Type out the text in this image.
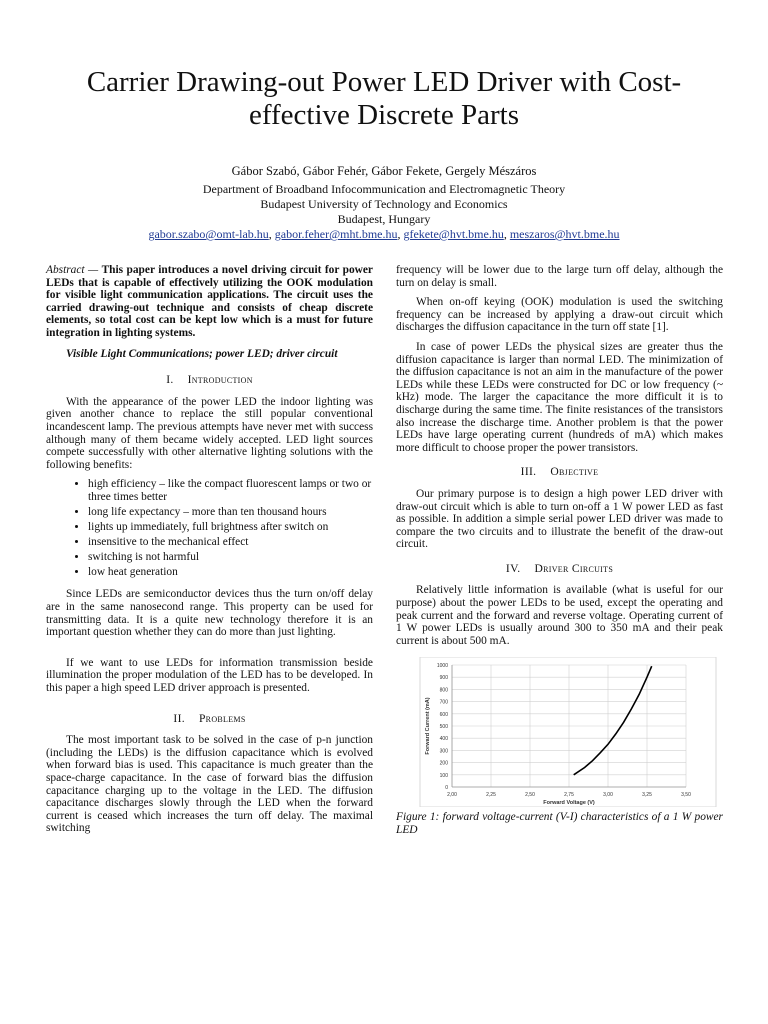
Carrier Drawing-out Power LED Driver with Cost-effective Discrete Parts
Gábor Szabó, Gábor Fehér, Gábor Fekete, Gergely Mészáros
Department of Broadband Infocommunication and Electromagnetic Theory
Budapest University of Technology and Economics
Budapest, Hungary
gabor.szabo@omt-lab.hu, gabor.feher@mht.bme.hu, gfekete@hvt.bme.hu, meszaros@hvt.bme.hu

Abstract — This paper introduces a novel driving circuit for power LEDs that is capable of effectively utilizing the OOK modulation for visible light communication applications. The circuit uses the carried drawing-out technique and consists of cheap discrete elements, so total cost can be kept low which is a must for future integration in lighting systems.

Visible Light Communications; power LED; driver circuit

I. Introduction

With the appearance of the power LED the indoor lighting was given another chance to replace the still popular conventional incandescent lamp. The previous attempts have never met with success although many of them became widely accepted. LED light sources compete successfully with other alternative lighting solutions with the following benefits:

• high efficiency – like the compact fluorescent lamps or two or three times better
• long life expectancy – more than ten thousand hours
• lights up immediately, full brightness after switch on
• insensitive to the mechanical effect
• switching is not harmful
• low heat generation

Since LEDs are semiconductor devices thus the turn on/off delay are in the same nanosecond range. This property can be used for transmitting data. It is a quite new technology therefore it is an important question whether they can do more than just lighting.

If we want to use LEDs for information transmission beside illumination the proper modulation of the LED has to be developed. In this paper a high speed LED driver approach is presented.

II. Problems

The most important task to be solved in the case of p-n junction (including the LEDs) is the diffusion capacitance which is evolved when forward bias is used. This capacitance is much greater than the space-charge capacitance. In the case of forward bias the diffusion capacitance charging up to the voltage in the LED. The diffusion capacitance discharges slowly through the LED when the forward current is ceased which increases the turn off delay. The maximal switching

frequency will be lower due to the large turn off delay, although the turn on delay is small.

When on-off keying (OOK) modulation is used the switching frequency can be increased by applying a draw-out circuit which discharges the diffusion capacitance in the turn off state [1].

In case of power LEDs the physical sizes are greater thus the diffusion capacitance is larger than normal LED. The minimization of the diffusion capacitance is not an aim in the manufacture of the power LEDs while these LEDs were constructed for DC or low frequency (~ kHz) mode. The larger the capacitance the more difficult it is to discharge during the same time. The finite resistances of the transistors also increase the discharge time. Another problem is that the power LEDs have large operating current (hundreds of mA) which makes more difficult to choose proper the power transistors.

III. Objective

Our primary purpose is to design a high power LED driver with draw-out circuit which is able to turn on-off a 1 W power LED as fast as possible. In addition a simple serial power LED driver was made to compare the two circuits and to illustrate the benefit of the draw-out circuit.

IV. Driver Circuits

Relatively little information is available (what is useful for our purpose) about the power LEDs to be used, except the operating and peak current and the forward and reverse voltage. Operating current of 1 W power LEDs is usually around 300 to 350 mA and their peak current is about 500 mA.

0
100
200
300
400
500
600
700
800
900
1000
2,00	2,25	2,50	2,75	3,00	3,25	3,50
Forward Voltage (V)
Forward Current (mA)

Figure 1: forward voltage-current (V-I) characteristics of a 1 W power LED
